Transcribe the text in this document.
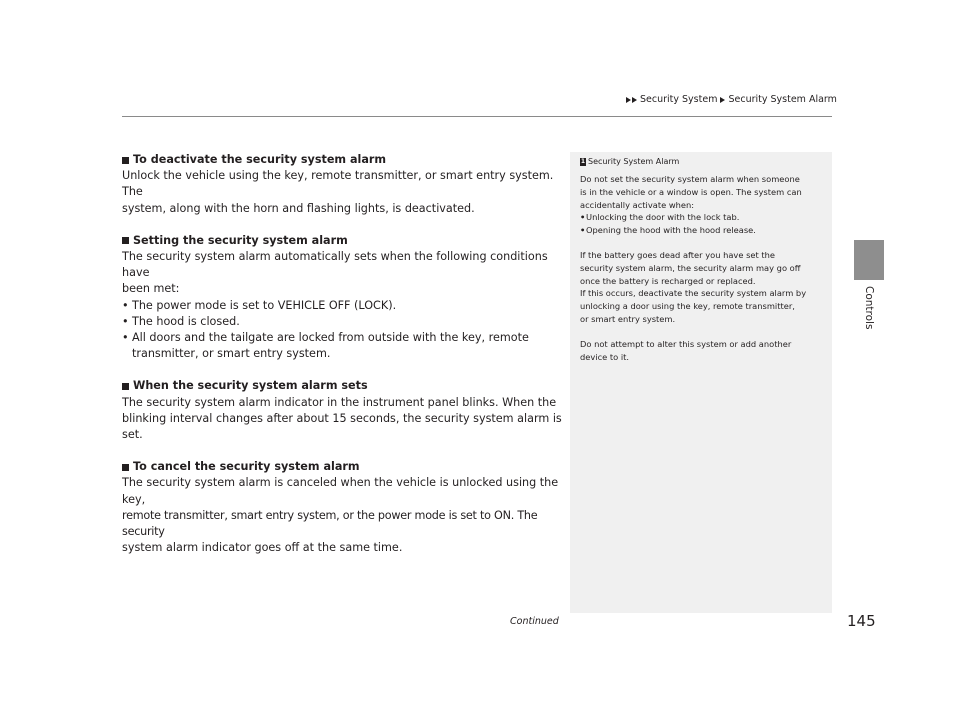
Security System Security System Alarm
To deactivate the security system alarm

Unlock the vehicle using the key, remote transmitter, or smart entry system. The

system, along with the horn and flashing lights, is deactivated.

Setting the security system alarm

The security system alarm automatically sets when the following conditions have

been met:

• The power mode is set to VEHICLE OFF (LOCK).
• The hood is closed.
• All doors and the tailgate are locked from outside with the key, remote transmitter, or smart entry system.
When the security system alarm sets

The security system alarm indicator in the instrument panel blinks. When the

blinking interval changes after about 15 seconds, the security system alarm is set.

To cancel the security system alarm

The security system alarm is canceled when the vehicle is unlocked using the key,

remote transmitter, smart entry system, or the power mode is set to ON. The security

system alarm indicator goes off at the same time.

1 Security System Alarm

Do not set the security system alarm when someone

is in the vehicle or a window is open. The system can

accidentally activate when:

• Unlocking the door with the lock tab.
• Opening the hood with the hood release.

If the battery goes dead after you have set the

security system alarm, the security alarm may go off

once the battery is recharged or replaced.

If this occurs, deactivate the security system alarm by

unlocking a door using the key, remote transmitter,

or smart entry system.

Do not attempt to alter this system or add another

device to it.

Controls
Continued	145
